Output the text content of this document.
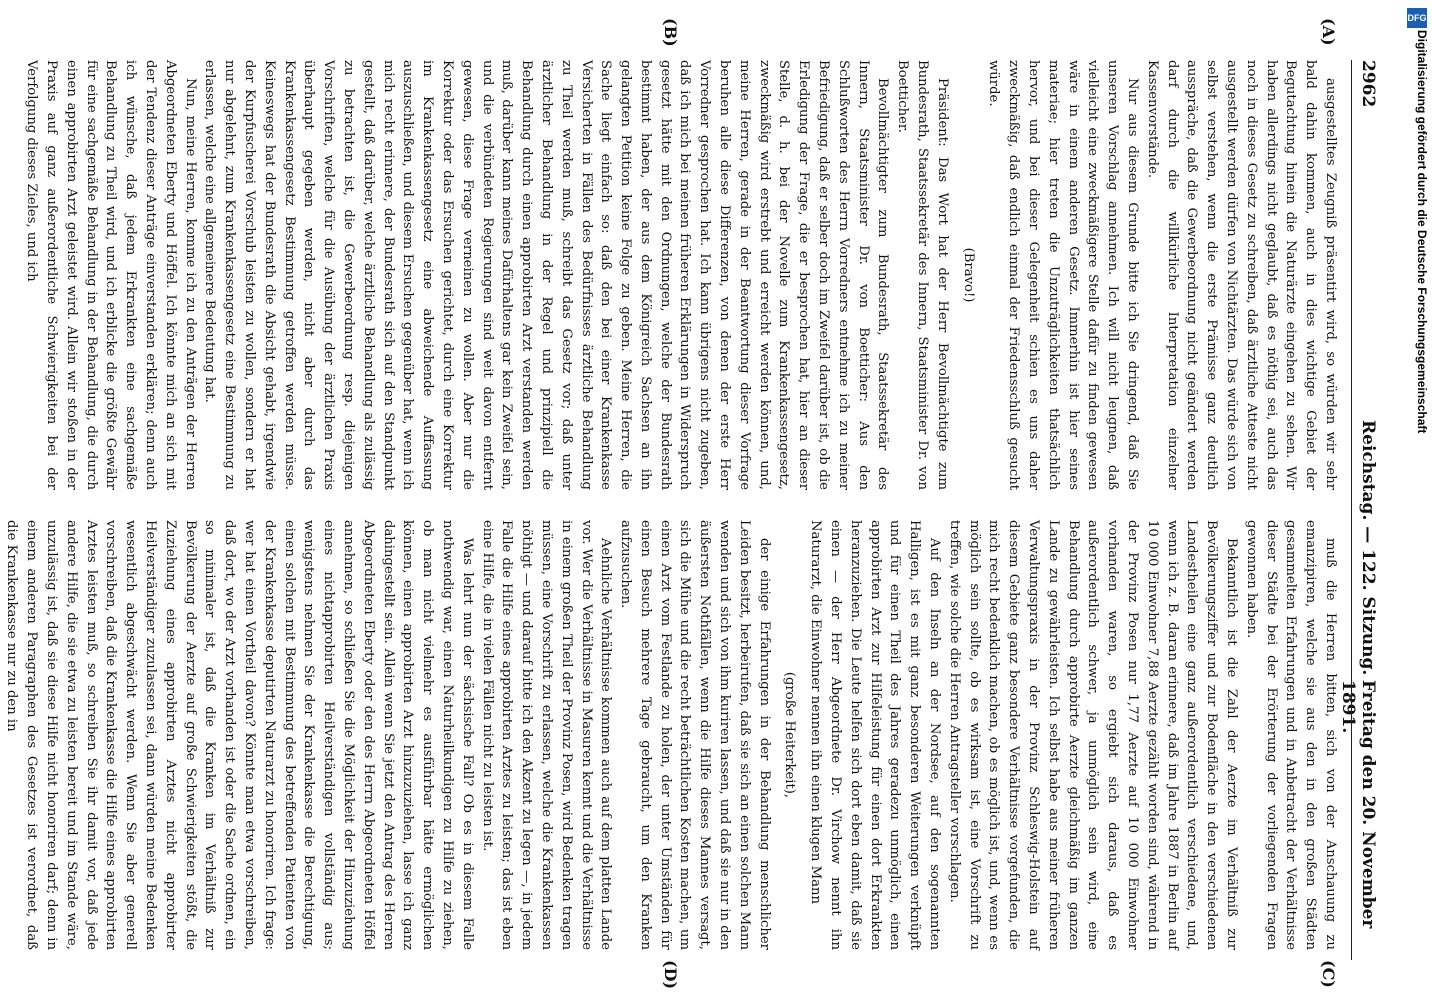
2962
Reichstag. — 122. Sitzung.
Freitag den 20. November 1891.
(A)
(B)
(C)
(D)

ausgestelltes Zeugniß präsentirt wird, so würden wir sehr bald dahin kommen, auch in dies wichtige Gebiet der Begutachtung hinein die Naturärzte eingehen zu sehen. Wir haben allerdings nicht geglaubt, daß es nöthig sei, auch das noch in dieses Gesetz zu schreiben, daß ärztliche Atteste nicht ausgestellt werden dürfen von Nichtärzten. Das würde sich von selbst verstehen, wenn die erste Prämisse ganz deutlich ausspräche, daß die Gewerbeordnung nicht geändert werden darf durch die willkürliche Interpretation einzelner Kassenvorstände.

Nur aus diesem Grunde bitte ich Sie dringend, daß Sie unseren Vorschlag annehmen. Ich will nicht leugnen, daß vielleicht eine zweckmäßigere Stelle dafür zu finden gewesen wäre in einem anderen Gesetz. Immerhin ist hier seines materiae; hier treten die Unzuträglichkeiten thatsächlich hervor, und bei dieser Gelegenheit schien es uns daher zweckmäßig, daß endlich einmal der Friedensschluß gesucht würde.

(Bravo!)

Präsident: Das Wort hat der Herr Bevollmächtigte zum Bundesrath, Staatssekretär des Innern, Staatsminister Dr. von Boetticher.

Bevollmächtigter zum Bundesrath, Staatssekretär des Innern, Staatsminister Dr. von Boetticher: Aus den Schlußworten des Herrn Vorredners entnehme ich zu meiner Befriedigung, daß er selber doch im Zweifel darüber ist, ob die Erledigung der Frage, die er besprochen hat, hier an dieser Stelle, d. h. bei der Novelle zum Krankenkassengesetz, zweckmäßig wird erstrebt und erreicht werden können, und, meine Herren, gerade in der Beantwortung dieser Vorfrage beruhen alle diese Differenzen, von denen der erste Herr Vorredner gesprochen hat. Ich kann übrigens nicht zugeben, daß ich mich bei meinen früheren Erklärungen in Widerspruch gesetzt hätte mit den Ordnungen, welche der Bundesrath bestimmt haben, der aus dem Königreich Sachsen an ihn gelangten Petition keine Folge zu geben. Meine Herren, die Sache liegt einfach so: daß den bei einer Krankenkasse Versicherten in Fällen des Bedürfnisses ärztliche Behandlung zu Theil werden muß, schreibt das Gesetz vor; daß unter ärztlicher Behandlung in der Regel und prinzipiell die Behandlung durch einen approbirten Arzt verstanden werden muß, darüber kann meines Dafürhaltens gar kein Zweifel sein, und die verbündeten Regierungen sind weit davon entfernt gewesen, diese Frage verneinen zu wollen. Aber nur die Korrektur oder das Ersuchen gerichtet, durch eine Korrektur im Krankenkassengesetz eine abweichende Auffassung auszuschließen, und diesem Ersuchen gegenüber hat, wenn ich mich recht erinnere, der Bundesrath sich auf den Standpunkt gestellt, daß darüber, welche ärztliche Behandlung als zulässig zu betrachten ist, die Gewerbeordnung resp. diejenigen Vorschriften, welche für die Ausübung der ärztlichen Praxis überhaupt gegeben werden, nicht aber durch das Krankenkassengesetz Bestimmung getroffen werden müsse. Keineswegs hat der Bundesrath die Absicht gehabt, irgendwie der Kurpfuscherei Vorschub leisten zu wollen, sondern er hat nur abgelehnt, zum Krankenkassengesetz eine Bestimmung zu erlassen, welche eine allgemeinere Bedeutung hat.

Nun, meine Herren, komme ich zu den Anträgen der Herren Abgeordneten Eberty und Höffel. Ich könnte mich an sich mit der Tendenz dieser Anträge einverstanden erklären; denn auch ich wünsche, daß jedem Erkrankten eine sachgemäße Behandlung zu Theil wird, und ich erblicke die größte Gewähr für eine sachgemäße Behandlung in der Behandlung, die durch einen approbirten Arzt geleistet wird. Allein wir stoßen in der Praxis auf ganz außerordentliche Schwierigkeiten bei der Verfolgung dieses Zieles, und ich

muß die Herren bitten, sich von der Anschauung zu emanzipiren, welche sie aus den in den großen Städten gesammelten Erfahrungen und in Anbetracht der Verhältnisse dieser Städte bei der Erörterung der vorliegenden Fragen gewonnen haben.

Bekanntlich ist die Zahl der Aerzte im Verhältniß zur Bevölkerungsziffer und zur Bodenfläche in den verschiedenen Landestheilen eine ganz außerordentlich verschiedene, und, wenn ich z. B. daran erinnere, daß im Jahre 1887 in Berlin auf 10 000 Einwohner 7,88 Aerzte gezählt worden sind, während in der Provinz Posen nur 1,77 Aerzte auf 10 000 Einwohner vorhanden waren, so ergiebt sich daraus, daß es außerordentlich schwer, ja unmöglich sein wird, eine Behandlung durch approbirte Aerzte gleichmäßig im ganzen Lande zu gewährleisten. Ich selbst habe aus meiner früheren Verwaltungspraxis in der Provinz Schleswig-Holstein auf diesem Gebiete ganz besondere Verhältnisse vorgefunden, die mich recht bedenklich machen, ob es möglich ist, und, wenn es möglich sein sollte, ob es wirksam ist, eine Vorschrift zu treffen, wie solche die Herren Antragsteller vorschlagen.

Auf den Inseln an der Nordsee, auf den sogenannten Halligen, ist es mit ganz besonderen Weiterungen verknüpft und für einen Theil des Jahres geradezu unmöglich, einen approbirten Arzt zur Hilfeleistung für einen dort Erkrankten heranzuziehen. Die Leute helfen sich dort eben damit, daß sie einen — der Herr Abgeordnete Dr. Virchow nennt ihn Naturarzt, die Einwohner nennen ihn einen klugen Mann

(große Heiterkeit),

der einige Erfahrungen in der Behandlung menschlicher Leiden besitzt, herbeirufen, daß sie sich an einen solchen Mann wenden und sich von ihm kuriren lassen, und daß sie nur in den äußersten Nothfällen, wenn die Hilfe dieses Mannes versagt, sich die Mühe und die recht beträchtlichen Kosten machen, um einen Arzt vom Festlande zu holen, der unter Umständen für einen Besuch mehrere Tage gebraucht, um den Kranken aufzusuchen.

Aehnliche Verhältnisse kommen auch auf dem platten Lande vor. Wer die Verhältnisse in Masuren kennt und die Verhältnisse in einem großen Theil der Provinz Posen, wird Bedenken tragen müssen, eine Vorschrift zu erlassen, welche die Krankenkassen nöthigt — und darauf bitte ich den Akzent zu legen —, in jedem Falle die Hilfe eines approbirten Arztes zu leisten; das ist eben eine Hilfe, die in vielen Fällen nicht zu leisten ist.

Was lehrt nun der sächsische Fall? Ob es in diesem Falle nothwendig war, einen Naturheilkundigen zu Hilfe zu ziehen, ob man nicht vielmehr es ausführbar hätte ermöglichen können, einen approbirten Arzt hinzuzuziehen, lasse ich ganz dahingestellt sein. Allein wenn Sie jetzt den Antrag des Herren Abgeordneten Eberty oder den des Herrn Abgeordneten Höffel annehmen, so schließen Sie die Möglichkeit der Hinzuziehung eines nichtapprobirten Heilverständigen vollständig aus; wenigstens nehmen Sie der Krankenkasse die Berechtigung, einen solchen mit Bestimmung des betreffenden Patienten von der Krankenkasse deputirten Naturarzt zu honoriren. Ich frage: wer hat einen Vortheil davon? Könnte man etwa vorschreiben, daß dort, wo der Arzt vorhanden ist oder die Sache ordnen, ein so minimaler ist, daß die Kranken im Verhältniß zur Bevölkerung der Aerzte auf große Schwierigkeiten stößt, die Zuziehung eines approbirten Arztes nicht approbirter Heilverständiger zuzulassen sei, dann würden meine Bedenken wesentlich abgeschwächt werden. Wenn Sie aber generell vorschreiben, daß die Krankenkasse die Hilfe eines approbirten Arztes leisten muß, so schreiben Sie ihr damit vor, daß jede andere Hilfe, die sie etwa zu leisten bereit und im Stande wäre, unzulässig ist, daß sie diese Hilfe nicht honoriren darf; denn in einem anderen Paragraphen des Gesetzes ist verordnet, daß die Krankenkasse nur zu den in

DFG
Digitalisierung gefördert durch die Deutsche Forschungsgemeinschaft
